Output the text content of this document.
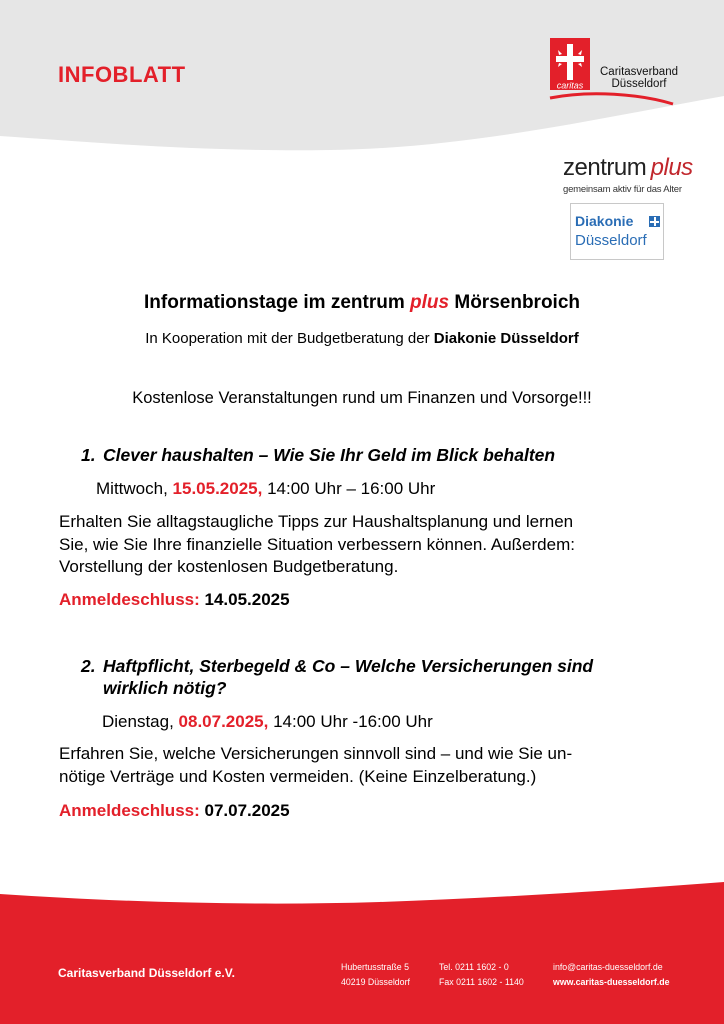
INFOBLATT	caritas
Caritasverband
Düsseldorf
zentrum plus
gemeinsam aktiv für das Alter
Diakonie
Düsseldorf
Informationstage im zentrum plus Mörsenbroich
In Kooperation mit der Budgetberatung der Diakonie Düsseldorf
Kostenlose Veranstaltungen rund um Finanzen und Vorsorge!!!
1. Clever haushalten – Wie Sie Ihr Geld im Blick behalten
Mittwoch, 15.05.2025, 14:00 Uhr – 16:00 Uhr
Erhalten Sie alltagstaugliche Tipps zur Haushaltsplanung und lernen
Sie, wie Sie Ihre finanzielle Situation verbessern können. Außerdem:
Vorstellung der kostenlosen Budgetberatung.
Anmeldeschluss: 14.05.2025
2. Haftpflicht, Sterbegeld & Co – Welche Versicherungen sind
wirklich nötig?
Dienstag, 08.07.2025, 14:00 Uhr -16:00 Uhr
Erfahren Sie, welche Versicherungen sinnvoll sind – und wie Sie un-
nötige Verträge und Kosten vermeiden. (Keine Einzelberatung.)
Anmeldeschluss: 07.07.2025
Caritasverband Düsseldorf e.V.	Hubertusstraße 5
40219 Düsseldorf
Tel. 0211 1602 - 0
Fax 0211 1602 - 1140
info@caritas-duesseldorf.de
www.caritas-duesseldorf.de
